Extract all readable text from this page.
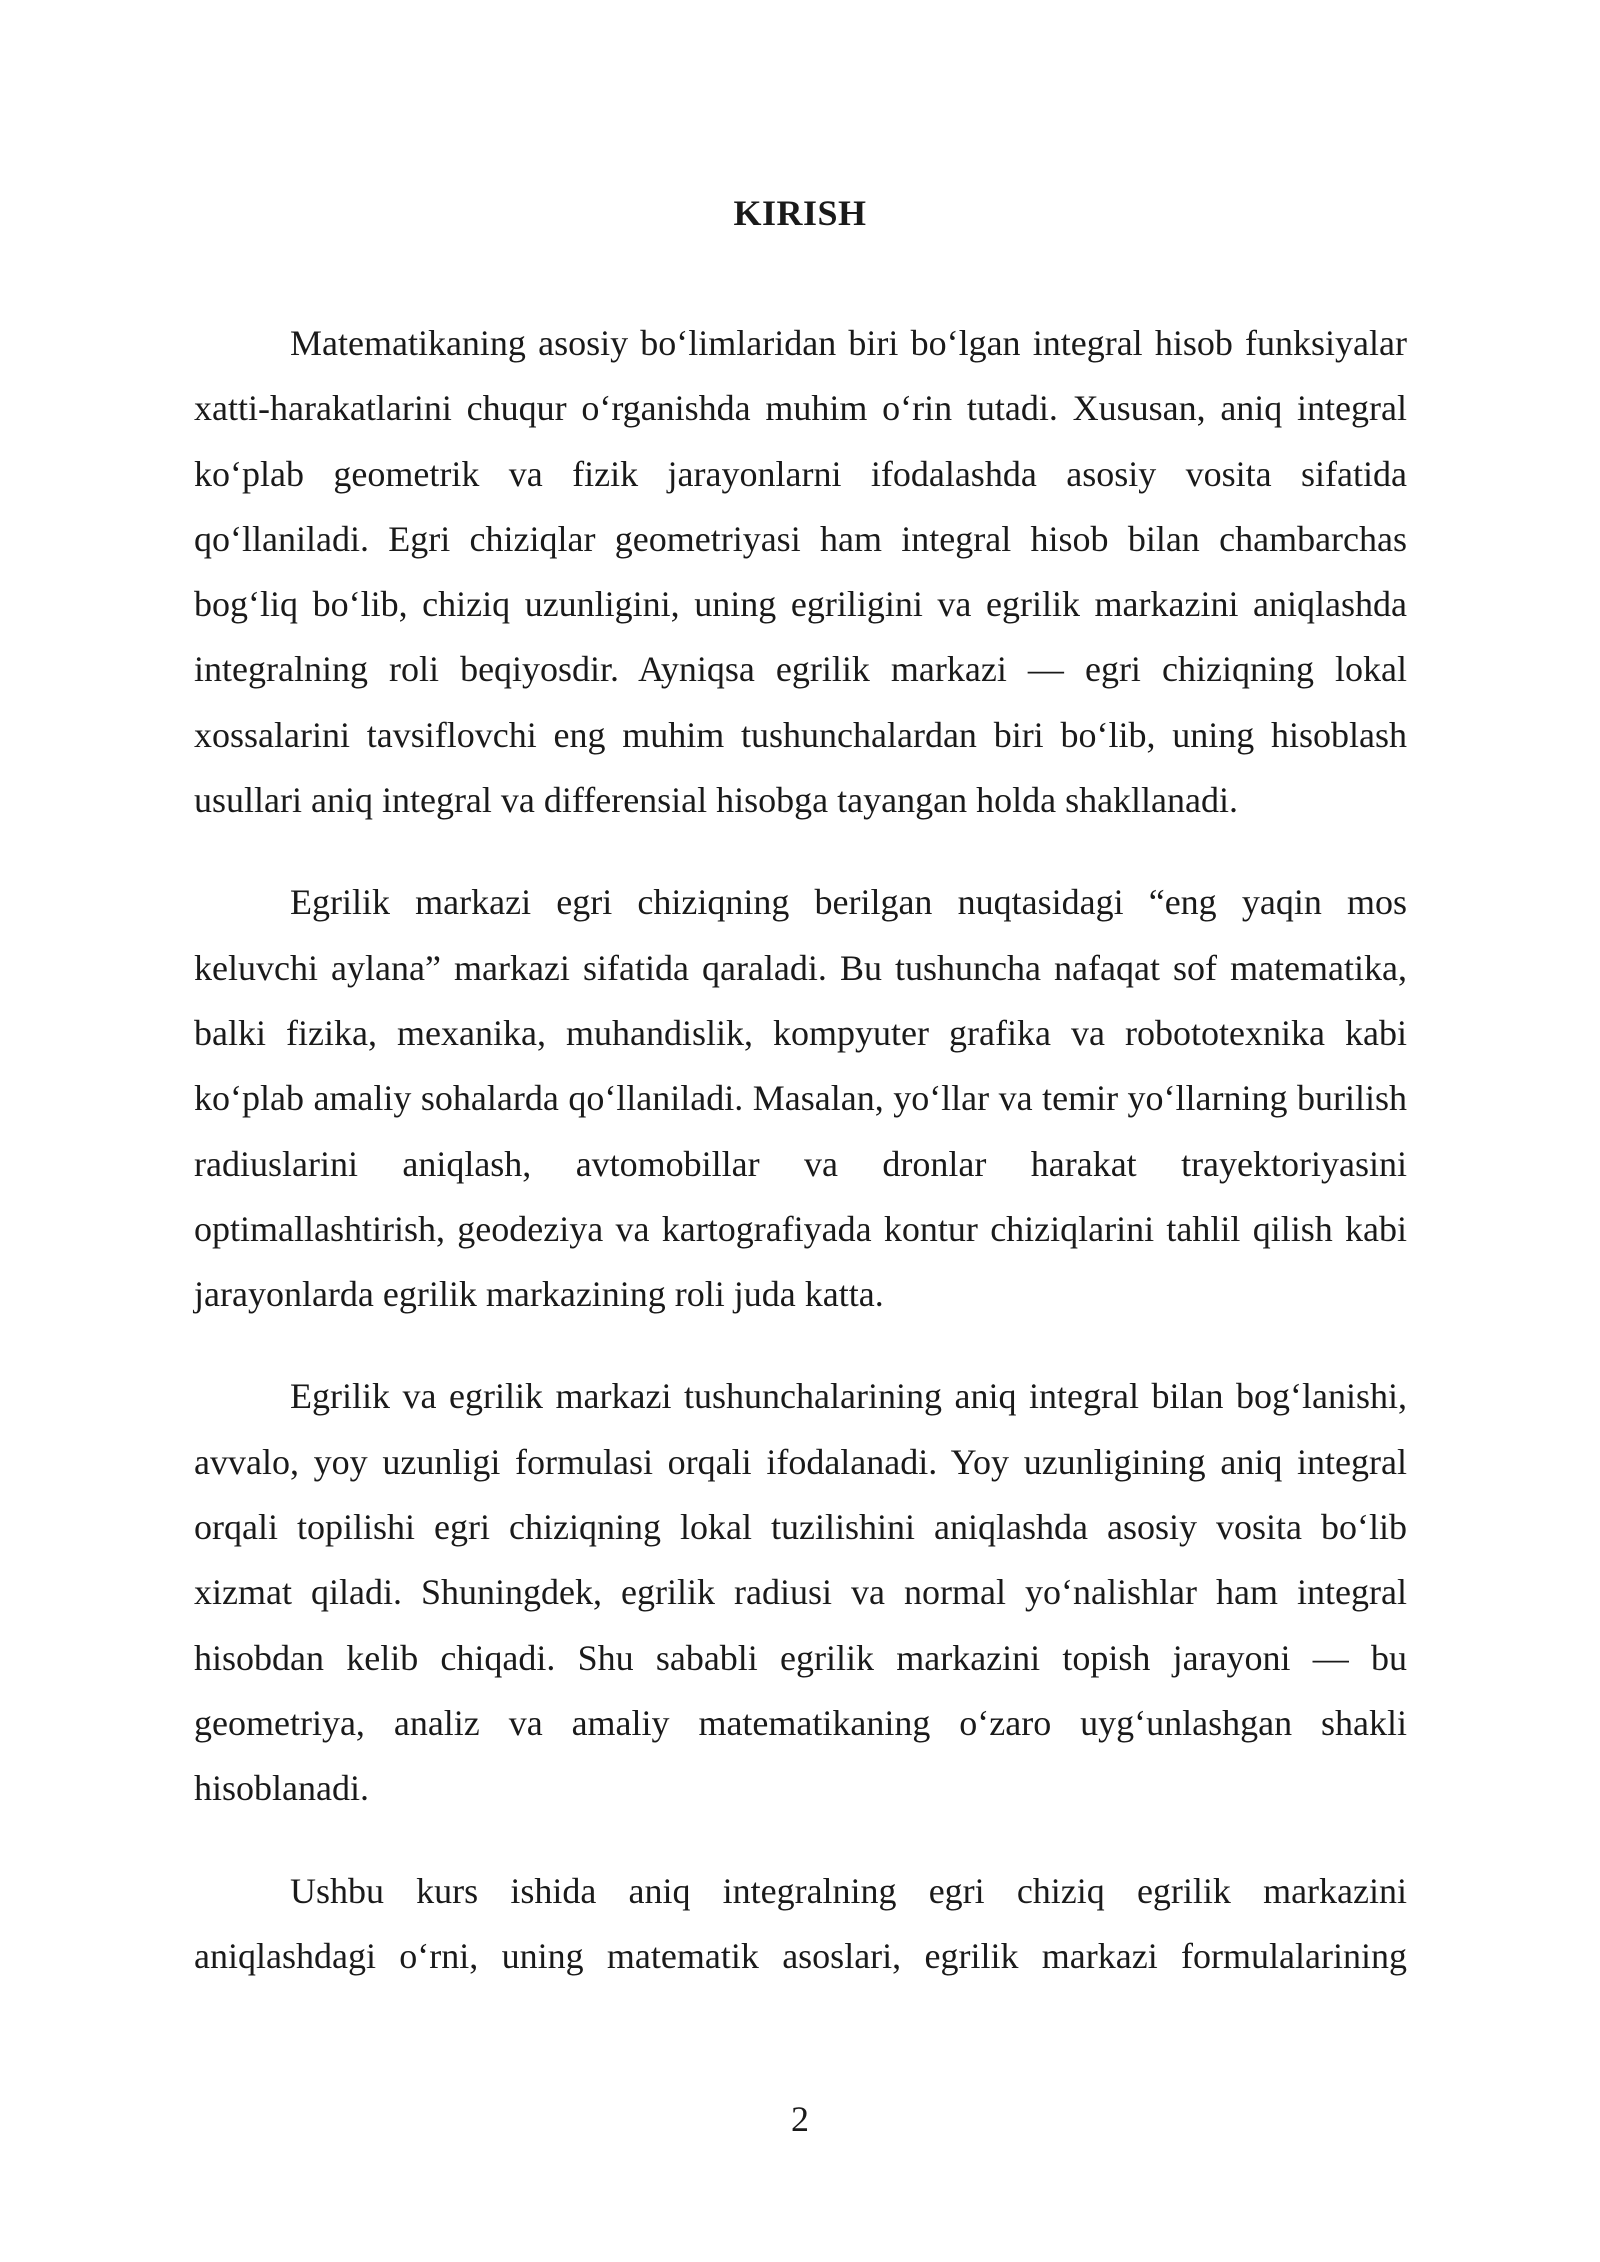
KIRISH

Matematikaning asosiy bo‘limlaridan biri bo‘lgan integral hisob funksiyalar xatti-harakatlarini chuqur o‘rganishda muhim o‘rin tutadi. Xususan, aniq integral ko‘plab geometrik va fizik jarayonlarni ifodalashda asosiy vosita sifatida qo‘llaniladi. Egri chiziqlar geometriyasi ham integral hisob bilan chambarchas bog‘liq bo‘lib, chiziq uzunligini, uning egriligini va egrilik markazini aniqlashda integralning roli beqiyosdir. Ayniqsa egrilik markazi — egri chiziqning lokal xossalarini tavsiflovchi eng muhim tushunchalardan biri bo‘lib, uning hisoblash usullari aniq integral va differensial hisobga tayangan holda shakllanadi.

Egrilik markazi egri chiziqning berilgan nuqtasidagi “eng yaqin mos keluvchi aylana” markazi sifatida qaraladi. Bu tushuncha nafaqat sof matematika, balki fizika, mexanika, muhandislik, kompyuter grafika va robototexnika kabi ko‘plab amaliy sohalarda qo‘llaniladi. Masalan, yo‘llar va temir yo‘llarning burilish radiuslarini aniqlash, avtomobillar va dronlar harakat trayektoriyasini optimallashtirish, geodeziya va kartografiyada kontur chiziqlarini tahlil qilish kabi jarayonlarda egrilik markazining roli juda katta.

Egrilik va egrilik markazi tushunchalarining aniq integral bilan bog‘lanishi, avvalo, yoy uzunligi formulasi orqali ifodalanadi. Yoy uzunligining aniq integral orqali topilishi egri chiziqning lokal tuzilishini aniqlashda asosiy vosita bo‘lib xizmat qiladi. Shuningdek, egrilik radiusi va normal yo‘nalishlar ham integral hisobdan kelib chiqadi. Shu sababli egrilik markazini topish jarayoni — bu geometriya, analiz va amaliy matematikaning o‘zaro uyg‘unlashgan shakli hisoblanadi.

Ushbu kurs ishida aniq integralning egri chiziq egrilik markazini aniqlashdagi o‘rni, uning matematik asoslari, egrilik markazi formulalarining

2
